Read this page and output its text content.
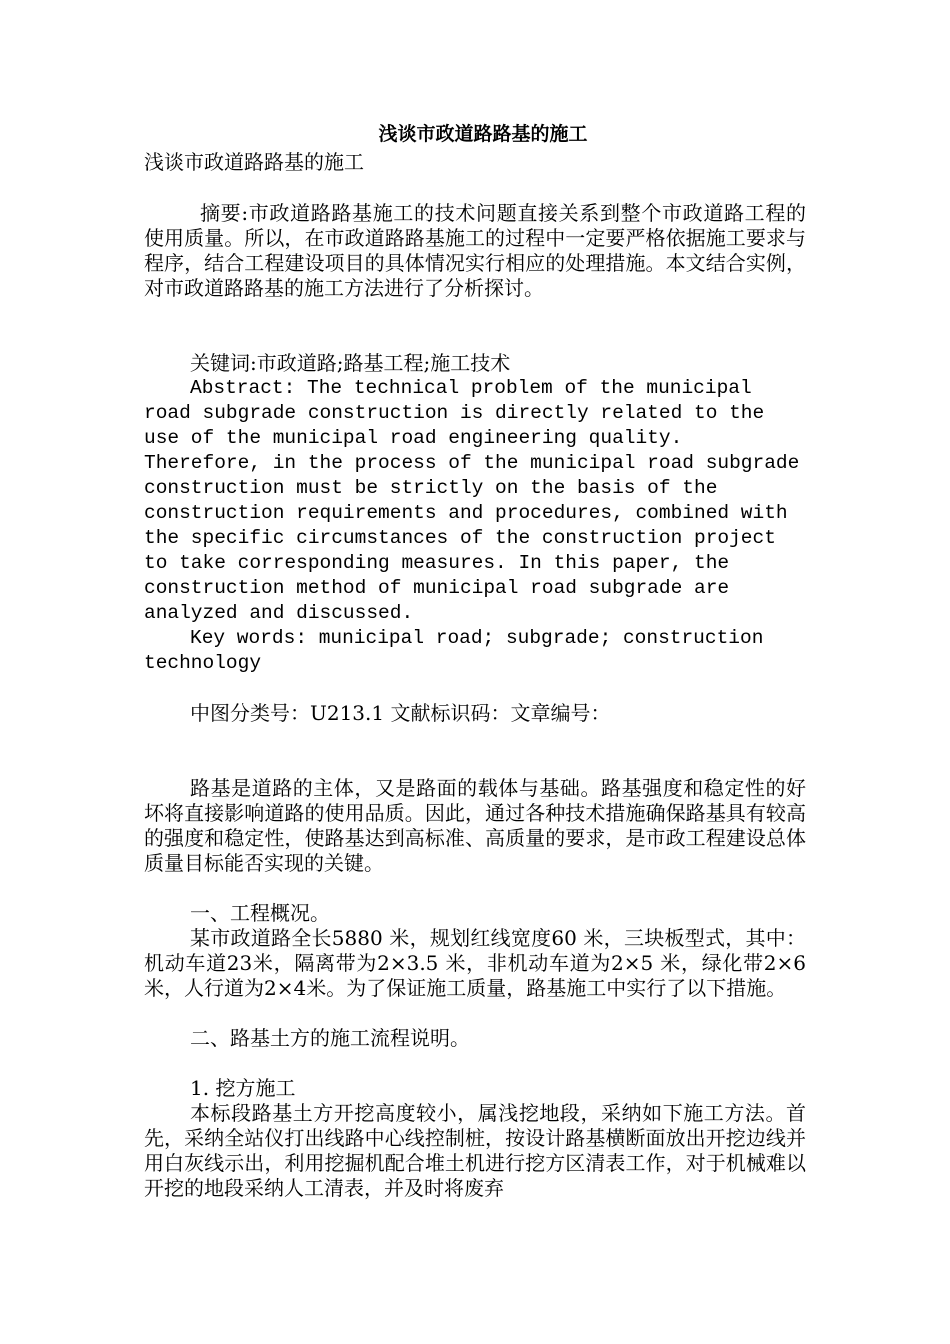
浅谈市政道路路基的施工
浅谈市政道路路基的施工

摘要:市政道路路基施工的技术问题直接关系到整个市政道路工程的使用质量。所以，在市政道路路基施工的过程中一定要严格依据施工要求与程序，结合工程建设项目的具体情况实行相应的处理措施。本文结合实例，对市政道路路基的施工方法进行了分析探讨。

关键词:市政道路;路基工程;施工技术

Abstract: The technical problem of the municipal road subgrade construction is directly related to the use of the municipal road engineering quality. Therefore, in the process of the municipal road subgrade construction must be strictly on the basis of the construction requirements and procedures, combined with the specific circumstances of the construction project to take corresponding measures. In this paper, the construction method of municipal road subgrade are analyzed and discussed.

Key words: municipal road; subgrade; construction technology

中图分类号：U213.1 文献标识码：文章编号：

路基是道路的主体，又是路面的载体与基础。路基强度和稳定性的好坏将直接影响道路的使用品质。因此，通过各种技术措施确保路基具有较高的强度和稳定性，使路基达到高标准、高质量的要求，是市政工程建设总体质量目标能否实现的关键。

一、工程概况。

某市政道路全长5880 米，规划红线宽度60 米，三块板型式，其中：机动车道23米，隔离带为2×3.5 米，非机动车道为2×5 米，绿化带2×6 米，人行道为2×4米。为了保证施工质量，路基施工中实行了以下措施。

二、路基土方的施工流程说明。

1. 挖方施工

本标段路基土方开挖高度较小，属浅挖地段，采纳如下施工方法。首先，采纳全站仪打出线路中心线控制桩，按设计路基横断面放出开挖边线并用白灰线示出，利用挖掘机配合堆土机进行挖方区清表工作，对于机械难以开挖的地段采纳人工清表，并及时将废弃
